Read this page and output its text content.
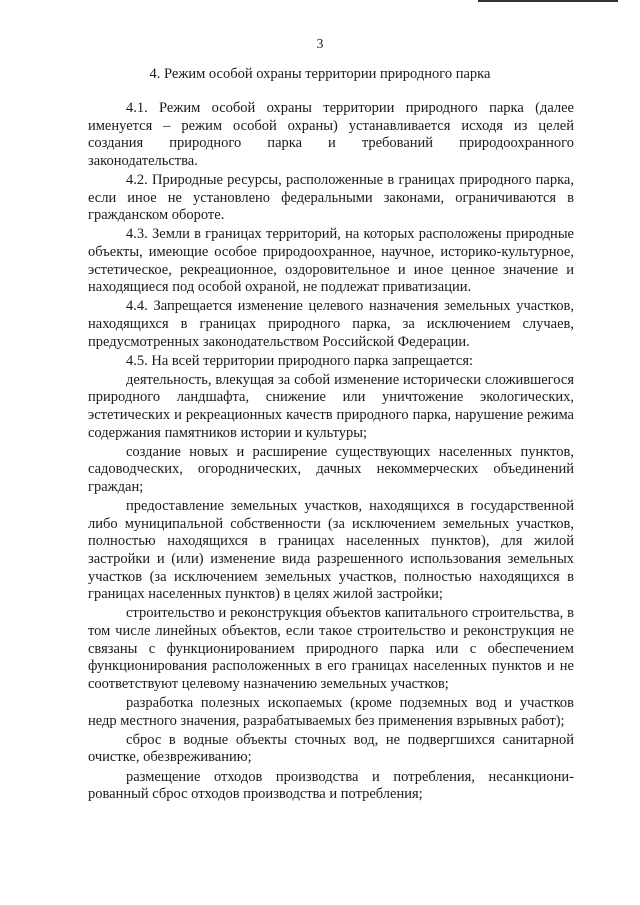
3
4. Режим особой охраны территории природного парка

4.1. Режим особой охраны территории природного парка (далее именуется – режим особой охраны) устанавливается исходя из целей создания природного парка и требований природоохранного законодательства.

4.2. Природные ресурсы, расположенные в границах природного парка, если иное не установлено федеральными законами, ограничиваются в гражданском обороте.

4.3. Земли в границах территорий, на которых расположены природные объекты, имеющие особое природоохранное, научное, историко-культурное, эстетическое, рекреационное, оздоровительное и иное ценное значение и находящиеся под особой охраной, не подлежат приватизации.

4.4. Запрещается изменение целевого назначения земельных участков, находящихся в границах природного парка, за исключением случаев, предусмотренных законодательством Российской Федерации.

4.5. На всей территории природного парка запрещается:

деятельность, влекущая за собой изменение исторически сложившегося природного ландшафта, снижение или уничтожение экологических, эстетических и рекреационных качеств природного парка, нарушение режима содержания памятников истории и культуры;

создание новых и расширение существующих населенных пунктов, садоводческих, огороднических, дачных некоммерческих объединений граждан;

предоставление земельных участков, находящихся в государственной либо муниципальной собственности (за исключением земельных участков, полностью находящихся в границах населенных пунктов), для жилой застройки и (или) изменение вида разрешенного использования земельных участков (за исключением земельных участков, полностью находящихся в границах населенных пунктов) в целях жилой застройки;

строительство и реконструкция объектов капитального строительства, в том числе линейных объектов, если такое строительство и реконструкция не связаны с функционированием природного парка или с обеспечением функционирования расположенных в его границах населенных пунктов и не соответствуют целевому назначению земельных участков;

разработка полезных ископаемых (кроме подземных вод и участков недр местного значения, разрабатываемых без применения взрывных работ);

сброс в водные объекты сточных вод, не подвергшихся санитарной очистке, обезвреживанию;

размещение отходов производства и потребления, несанкционированный сброс отходов производства и потребления;
